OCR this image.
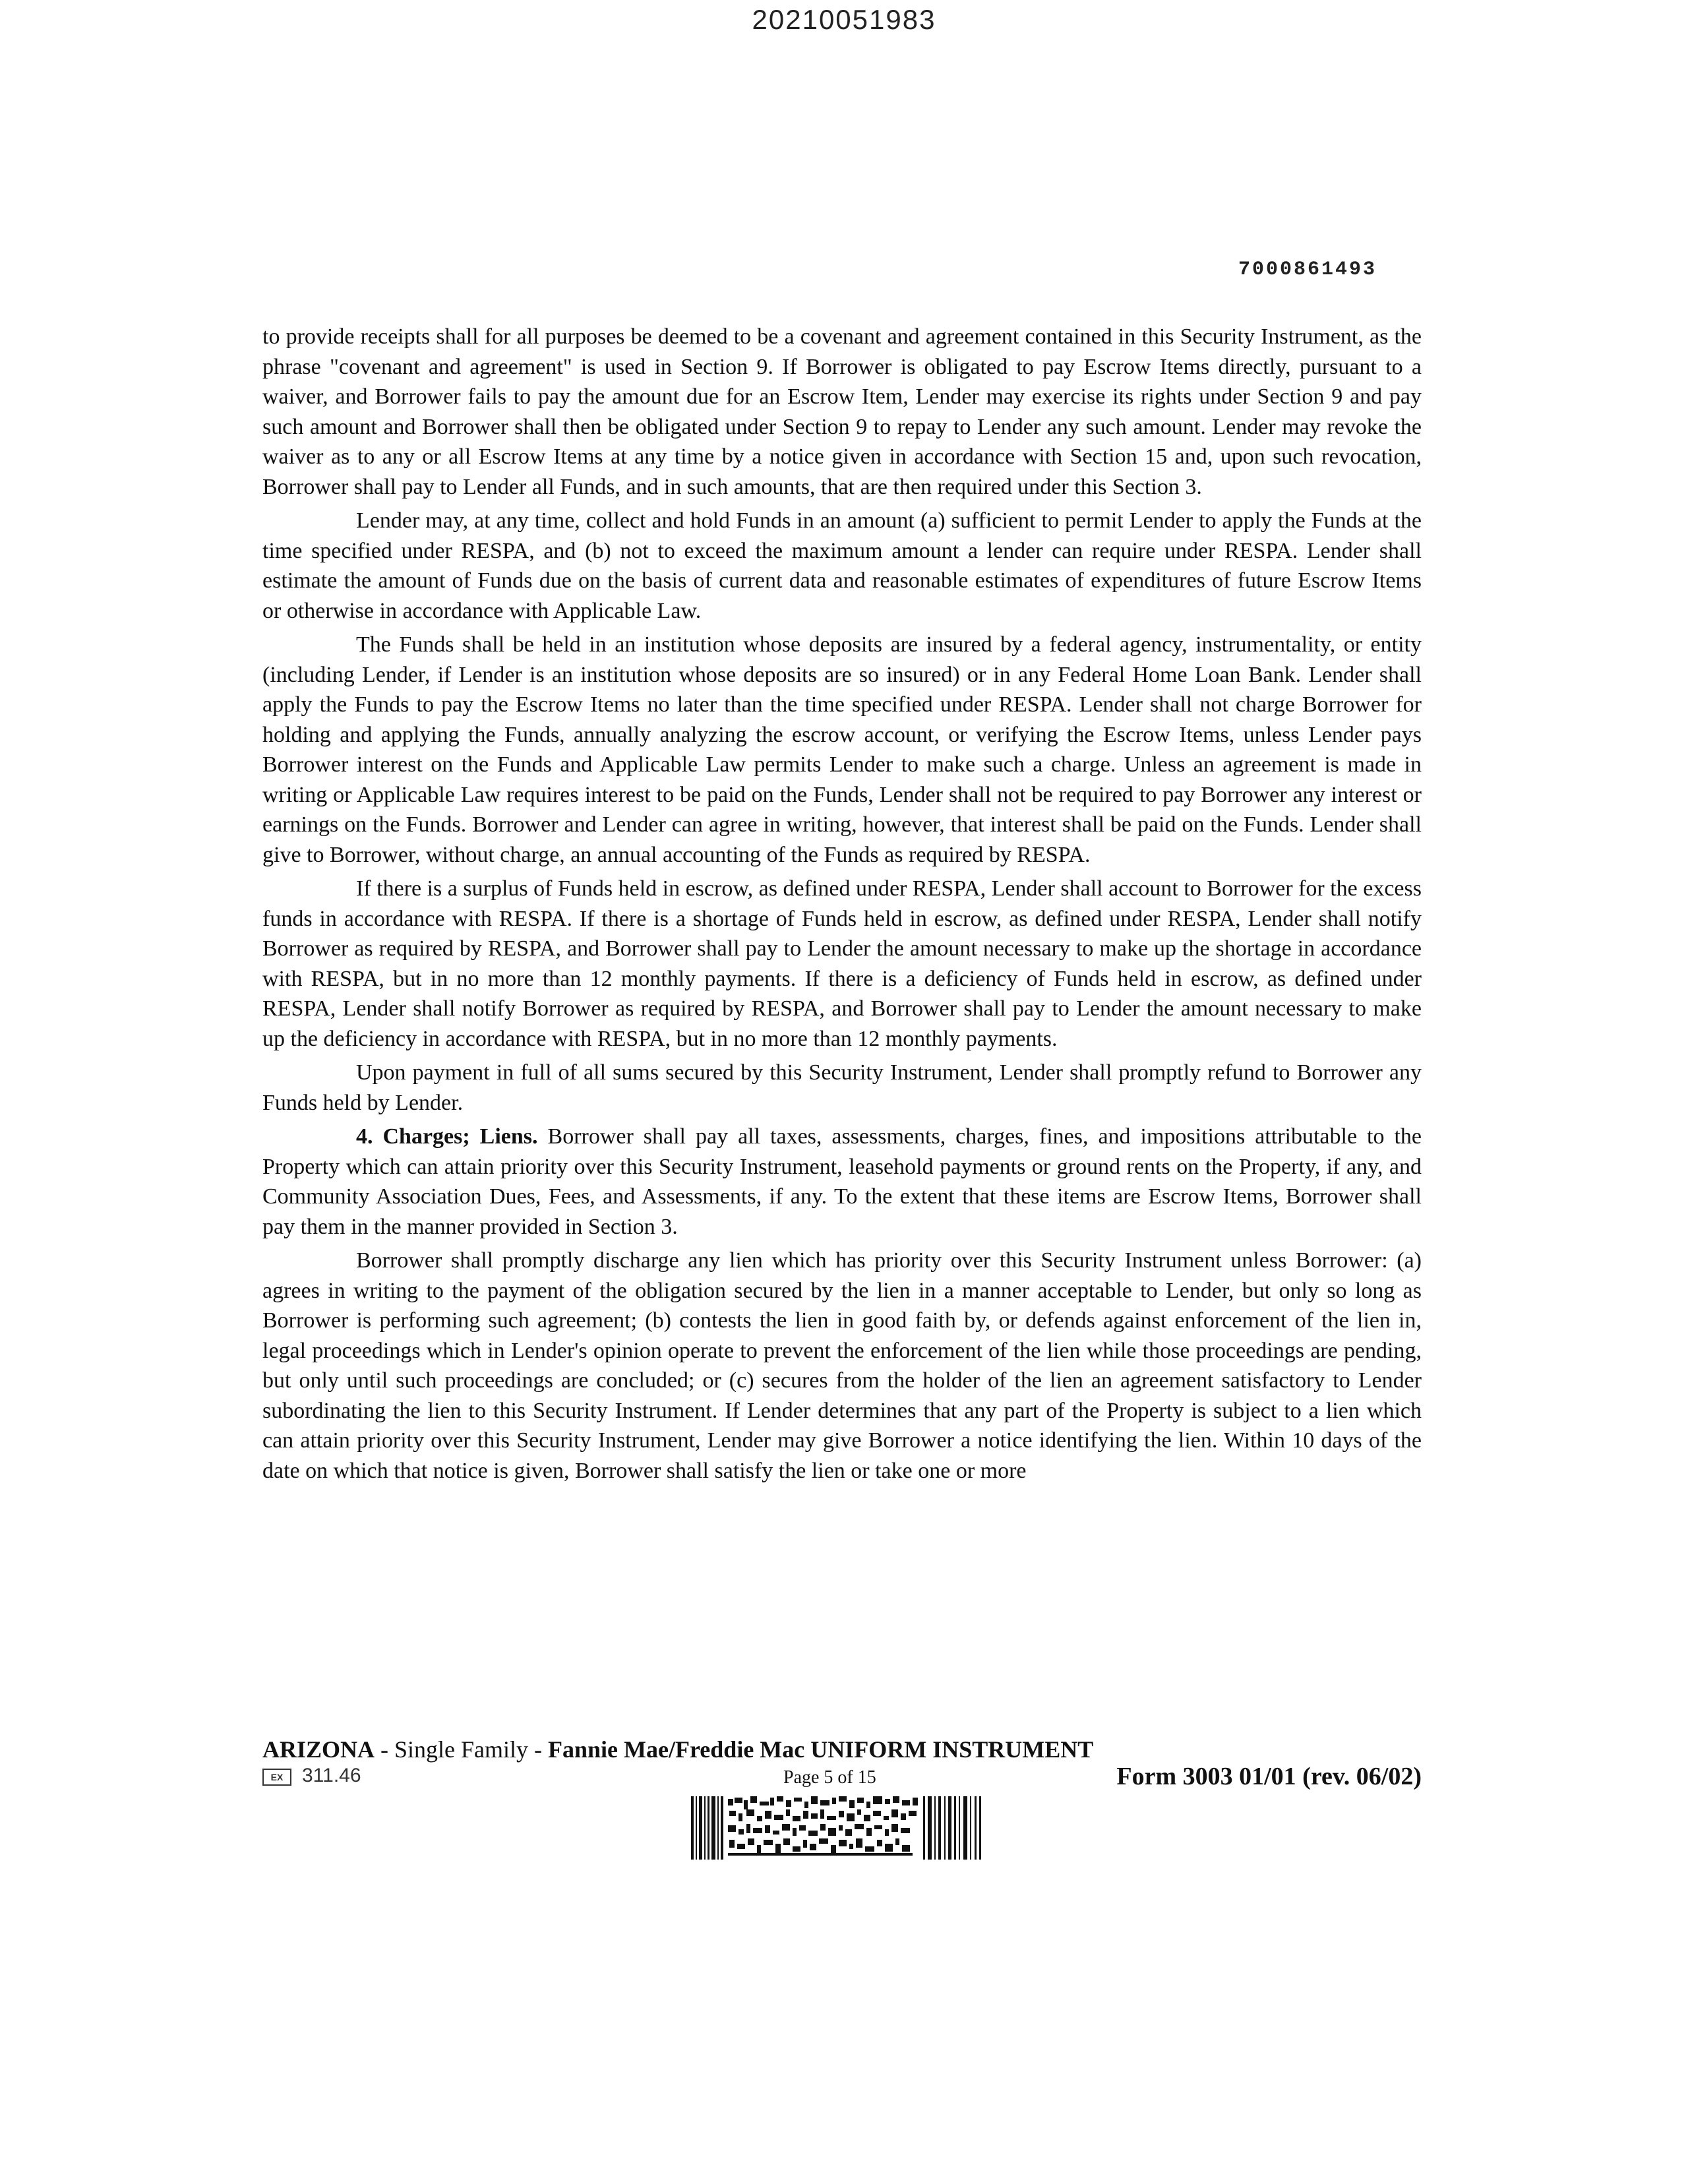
20210051983
7000861493

to provide receipts shall for all purposes be deemed to be a covenant and agreement contained in this Security Instrument, as the phrase "covenant and agreement" is used in Section 9. If Borrower is obligated to pay Escrow Items directly, pursuant to a waiver, and Borrower fails to pay the amount due for an Escrow Item, Lender may exercise its rights under Section 9 and pay such amount and Borrower shall then be obligated under Section 9 to repay to Lender any such amount. Lender may revoke the waiver as to any or all Escrow Items at any time by a notice given in accordance with Section 15 and, upon such revocation, Borrower shall pay to Lender all Funds, and in such amounts, that are then required under this Section 3.

Lender may, at any time, collect and hold Funds in an amount (a) sufficient to permit Lender to apply the Funds at the time specified under RESPA, and (b) not to exceed the maximum amount a lender can require under RESPA. Lender shall estimate the amount of Funds due on the basis of current data and reasonable estimates of expenditures of future Escrow Items or otherwise in accordance with Applicable Law.

The Funds shall be held in an institution whose deposits are insured by a federal agency, instrumentality, or entity (including Lender, if Lender is an institution whose deposits are so insured) or in any Federal Home Loan Bank. Lender shall apply the Funds to pay the Escrow Items no later than the time specified under RESPA. Lender shall not charge Borrower for holding and applying the Funds, annually analyzing the escrow account, or verifying the Escrow Items, unless Lender pays Borrower interest on the Funds and Applicable Law permits Lender to make such a charge. Unless an agreement is made in writing or Applicable Law requires interest to be paid on the Funds, Lender shall not be required to pay Borrower any interest or earnings on the Funds. Borrower and Lender can agree in writing, however, that interest shall be paid on the Funds. Lender shall give to Borrower, without charge, an annual accounting of the Funds as required by RESPA.

If there is a surplus of Funds held in escrow, as defined under RESPA, Lender shall account to Borrower for the excess funds in accordance with RESPA. If there is a shortage of Funds held in escrow, as defined under RESPA, Lender shall notify Borrower as required by RESPA, and Borrower shall pay to Lender the amount necessary to make up the shortage in accordance with RESPA, but in no more than 12 monthly payments. If there is a deficiency of Funds held in escrow, as defined under RESPA, Lender shall notify Borrower as required by RESPA, and Borrower shall pay to Lender the amount necessary to make up the deficiency in accordance with RESPA, but in no more than 12 monthly payments.

Upon payment in full of all sums secured by this Security Instrument, Lender shall promptly refund to Borrower any Funds held by Lender.

4. Charges; Liens. Borrower shall pay all taxes, assessments, charges, fines, and impositions attributable to the Property which can attain priority over this Security Instrument, leasehold payments or ground rents on the Property, if any, and Community Association Dues, Fees, and Assessments, if any. To the extent that these items are Escrow Items, Borrower shall pay them in the manner provided in Section 3.

Borrower shall promptly discharge any lien which has priority over this Security Instrument unless Borrower: (a) agrees in writing to the payment of the obligation secured by the lien in a manner acceptable to Lender, but only so long as Borrower is performing such agreement; (b) contests the lien in good faith by, or defends against enforcement of the lien in, legal proceedings which in Lender's opinion operate to prevent the enforcement of the lien while those proceedings are pending, but only until such proceedings are concluded; or (c) secures from the holder of the lien an agreement satisfactory to Lender subordinating the lien to this Security Instrument. If Lender determines that any part of the Property is subject to a lien which can attain priority over this Security Instrument, Lender may give Borrower a notice identifying the lien. Within 10 days of the date on which that notice is given, Borrower shall satisfy the lien or take one or more

ARIZONA - Single Family - Fannie Mae/Freddie Mac UNIFORM INSTRUMENT
EX 311.46	Page 5 of 15	Form 3003 01/01 (rev. 06/02)
